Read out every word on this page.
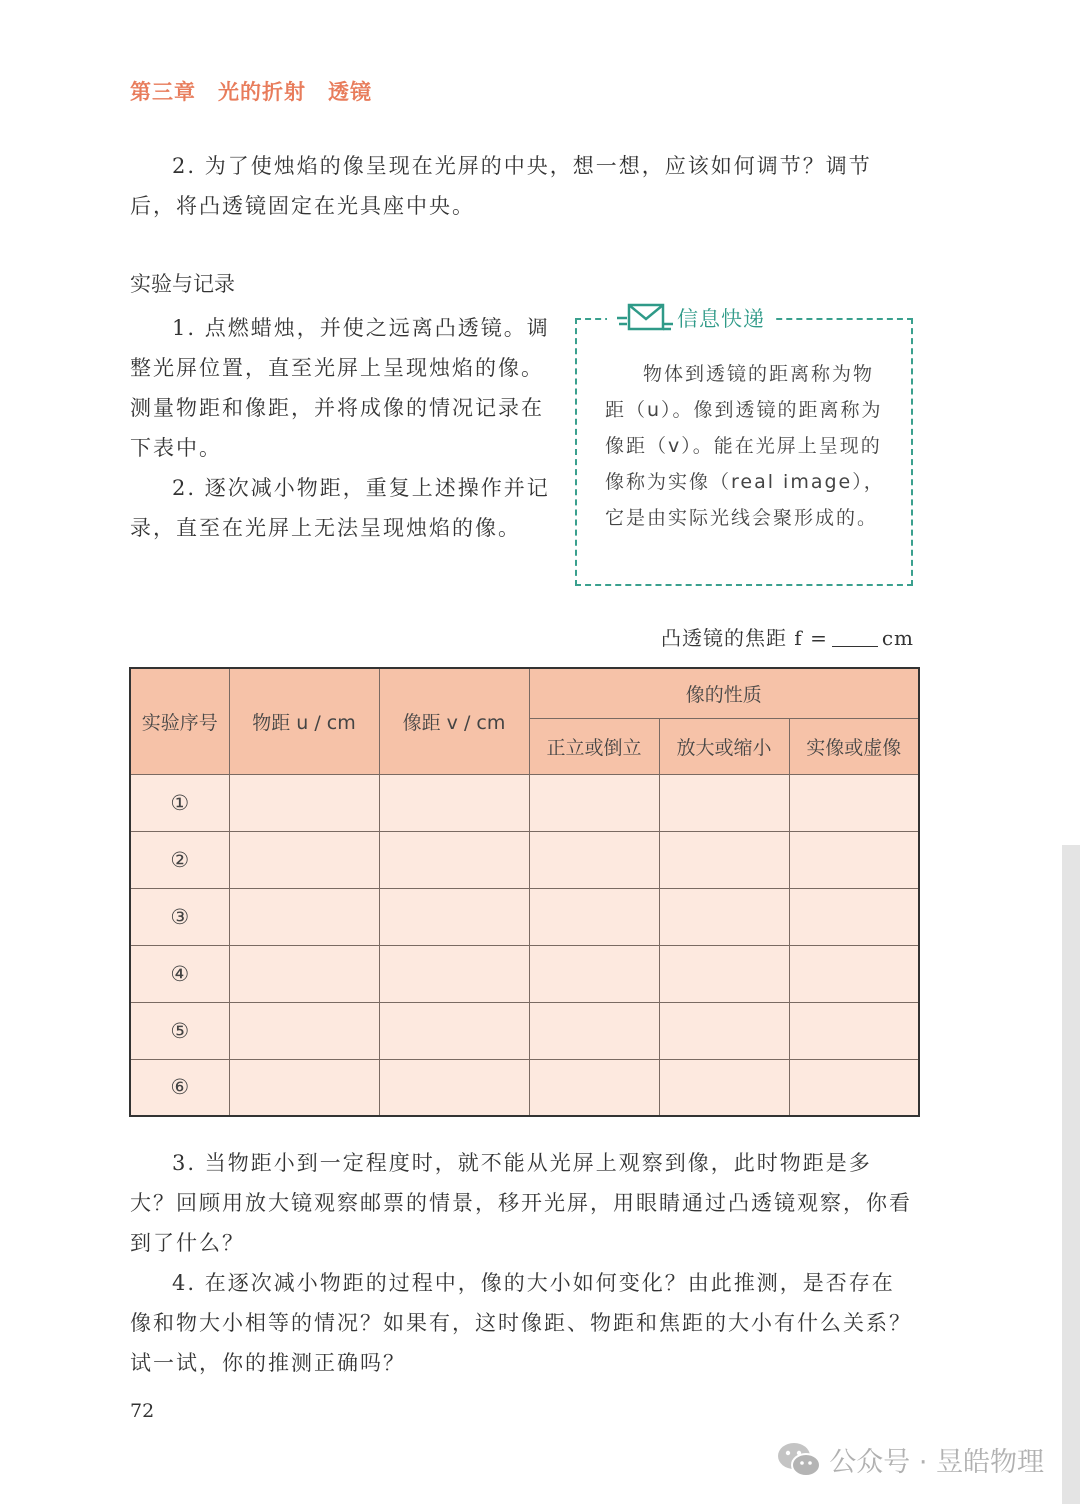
第三章　光的折射　透镜

2. 为了使烛焰的像呈现在光屏的中央，想一想，应该如何调节？调节后，将凸透镜固定在光具座中央。

实验与记录

1. 点燃蜡烛，并使之远离凸透镜。调整光屏位置，直至光屏上呈现烛焰的像。测量物距和像距，并将成像的情况记录在下表中。

2. 逐次减小物距，重复上述操作并记录，直至在光屏上无法呈现烛焰的像。

信息快递

物体到透镜的距离称为物距（u）。像到透镜的距离称为像距（v）。能在光屏上呈现的像称为实像（real image），它是由实际光线会聚形成的。

凸透镜的焦距 f =	cm
实验序号	物距 u / cm	像距 v / cm	像的性质		
			正立或倒立	放大或缩小	实像或虚像
①					
②					
③					
④					
⑤					
⑥					

3. 当物距小到一定程度时，就不能从光屏上观察到像，此时物距是多大？回顾用放大镜观察邮票的情景，移开光屏，用眼睛通过凸透镜观察，你看到了什么？

4. 在逐次减小物距的过程中，像的大小如何变化？由此推测，是否存在像和物大小相等的情况？如果有，这时像距、物距和焦距的大小有什么关系？试一试，你的推测正确吗？

72
公众号 · 昱皓物理
